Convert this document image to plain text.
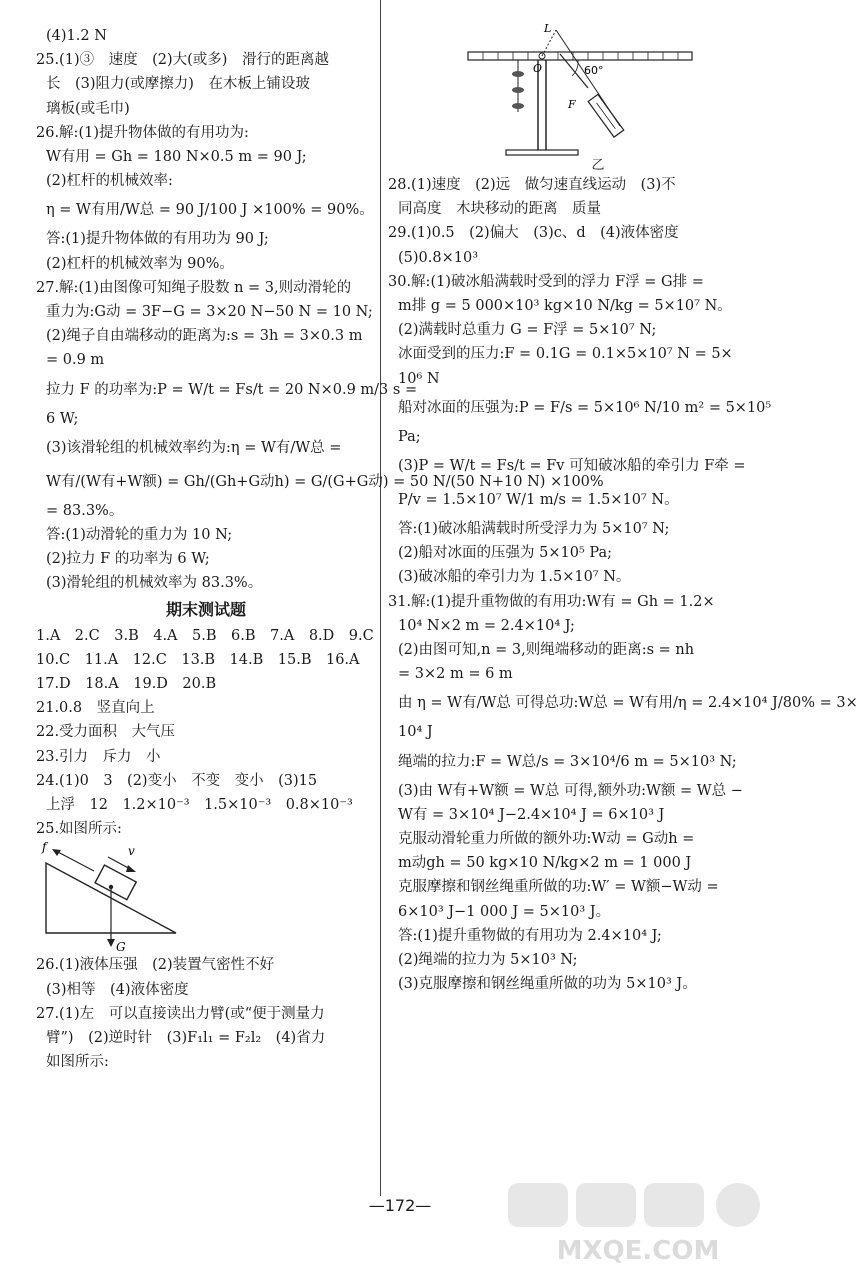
(4)1.2 N
25.(1)③　速度　(2)大(或多)　滑行的距离越
长　(3)阻力(或摩擦力)　在木板上铺设玻
璃板(或毛巾)
26.解:(1)提升物体做的有用功为:
W有用 = Gh = 180 N×0.5 m = 90 J;
(2)杠杆的机械效率:
η = W有用/W总 = 90 J/100 J ×100% = 90%。
答:(1)提升物体做的有用功为 90 J;
(2)杠杆的机械效率为 90%。
27.解:(1)由图像可知绳子股数 n = 3,则动滑轮的
重力为:G动 = 3F−G = 3×20 N−50 N = 10 N;
(2)绳子自由端移动的距离为:s = 3h = 3×0.3 m
= 0.9 m
拉力 F 的功率为:P = W/t = Fs/t = 20 N×0.9 m/3 s =
6 W;
(3)该滑轮组的机械效率约为:η = W有/W总 =
W有/(W有+W额) = Gh/(Gh+G动h) = G/(G+G动) = 50 N/(50 N+10 N) ×100%
= 83.3%。
答:(1)动滑轮的重力为 10 N;
(2)拉力 F 的功率为 6 W;
(3)滑轮组的机械效率为 83.3%。
期末测试题
1.A　2.C　3.B　4.A　5.B　6.B　7.A　8.D　9.C
10.C　11.A　12.C　13.B　14.B　15.B　16.A
17.D　18.A　19.D　20.B
21.0.8　竖直向上
22.受力面积　大气压
23.引力　斥力　小
24.(1)0　3　(2)变小　不变　变小　(3)15
上浮　12　1.2×10⁻³　1.5×10⁻³　0.8×10⁻³
25.如图所示:
f	v
G
26.(1)液体压强　(2)装置气密性不好
(3)相等　(4)液体密度
27.(1)左　可以直接读出力臂(或“便于测量力
臂”)　(2)逆时针　(3)F₁l₁ = F₂l₂　(4)省力
如图所示:
L
O
F
60°
乙
28.(1)速度　(2)远　做匀速直线运动　(3)不
同高度　木块移动的距离　质量
29.(1)0.5　(2)偏大　(3)c、d　(4)液体密度
(5)0.8×10³
30.解:(1)破冰船满载时受到的浮力 F浮 = G排 =
m排 g = 5 000×10³ kg×10 N/kg = 5×10⁷ N。
(2)满载时总重力 G = F浮 = 5×10⁷ N;
冰面受到的压力:F = 0.1G = 0.1×5×10⁷ N = 5×
10⁶ N
船对冰面的压强为:P = F/s = 5×10⁶ N/10 m² = 5×10⁵
Pa;
(3)P = W/t = Fs/t = Fv 可知破冰船的牵引力 F牵 =
P/v = 1.5×10⁷ W/1 m/s = 1.5×10⁷ N。
答:(1)破冰船满载时所受浮力为 5×10⁷ N;
(2)船对冰面的压强为 5×10⁵ Pa;
(3)破冰船的牵引力为 1.5×10⁷ N。
31.解:(1)提升重物做的有用功:W有 = Gh = 1.2×
10⁴ N×2 m = 2.4×10⁴ J;
(2)由图可知,n = 3,则绳端移动的距离:s = nh
= 3×2 m = 6 m
由 η = W有/W总 可得总功:W总 = W有用/η = 2.4×10⁴ J/80% = 3×
10⁴ J
绳端的拉力:F = W总/s = 3×10⁴/6 m = 5×10³ N;
(3)由 W有+W额 = W总 可得,额外功:W额 = W总 −
W有 = 3×10⁴ J−2.4×10⁴ J = 6×10³ J
克服动滑轮重力所做的额外功:W动 = G动h =
m动gh = 50 kg×10 N/kg×2 m = 1 000 J
克服摩擦和钢丝绳重所做的功:W′ = W额−W动 =
6×10³ J−1 000 J = 5×10³ J。
答:(1)提升重物做的有用功为 2.4×10⁴ J;
(2)绳端的拉力为 5×10³ N;
(3)克服摩擦和钢丝绳重所做的功为 5×10³ J。
—172—
MXQE.COM
